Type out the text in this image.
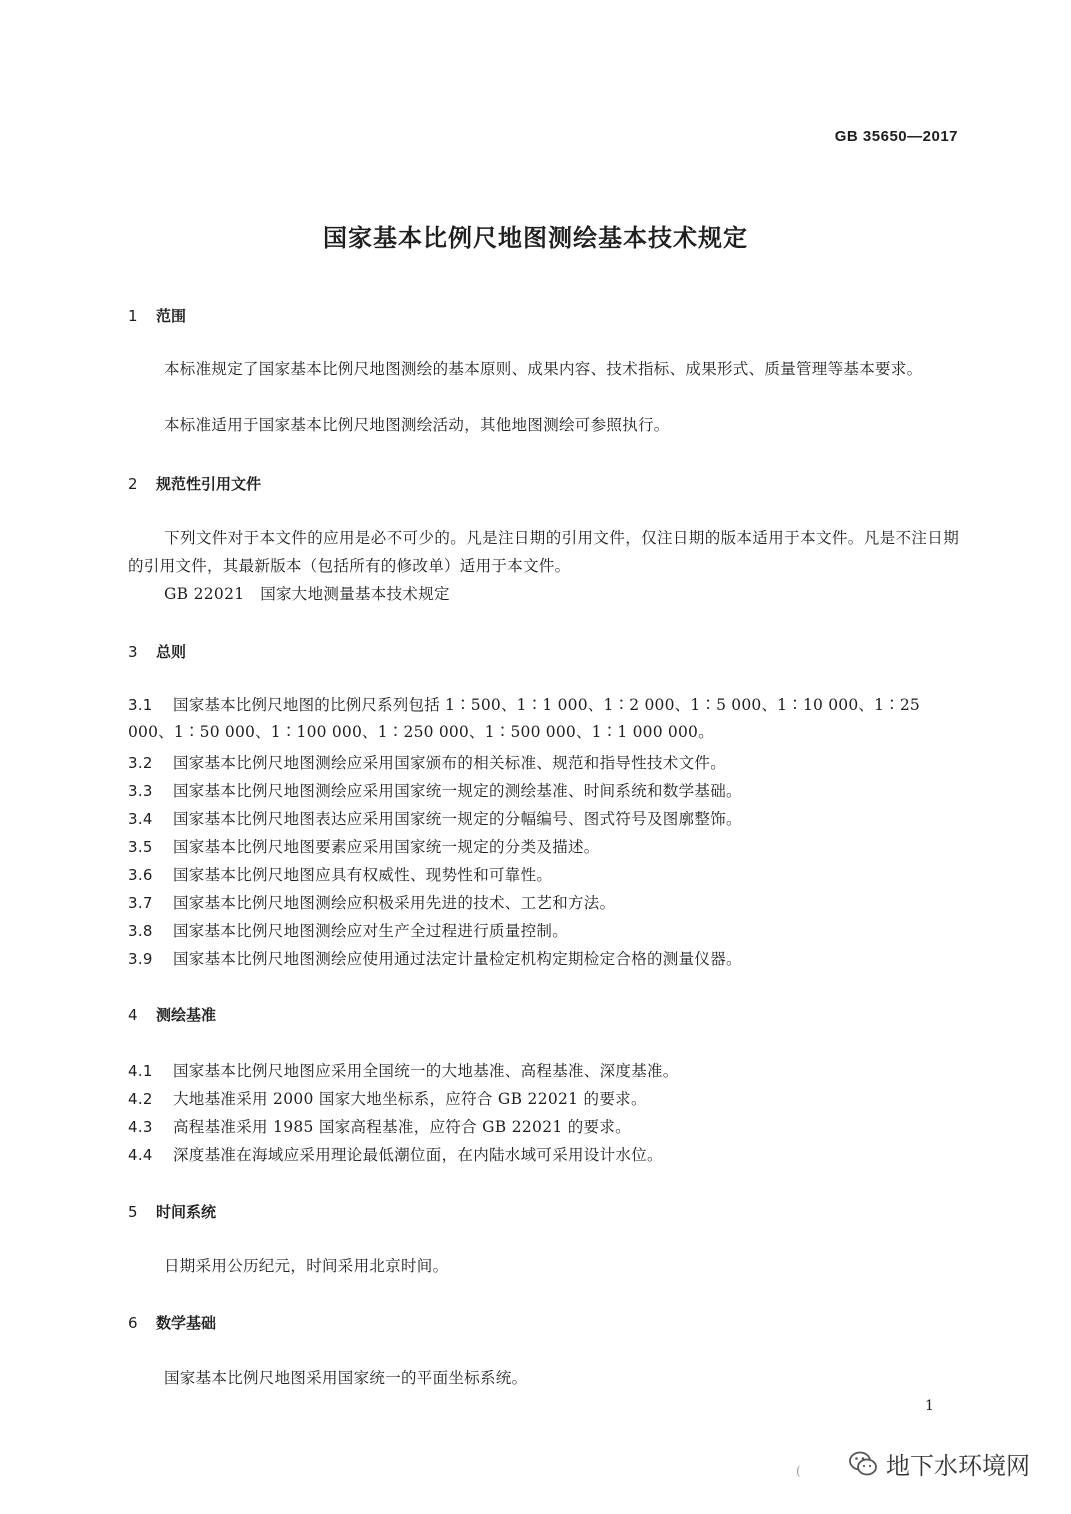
GB 35650—2017
国家基本比例尺地图测绘基本技术规定
1 范围
本标准规定了国家基本比例尺地图测绘的基本原则、成果内容、技术指标、成果形式、质量管理等基本要求。
本标准适用于国家基本比例尺地图测绘活动，其他地图测绘可参照执行。
2 规范性引用文件
下列文件对于本文件的应用是必不可少的。凡是注日期的引用文件，仅注日期的版本适用于本文件。凡是不注日期的引用文件，其最新版本（包括所有的修改单）适用于本文件。
GB 22021　国家大地测量基本技术规定
3 总则
3.1 国家基本比例尺地图的比例尺系列包括 1∶500、1∶1 000、1∶2 000、1∶5 000、1∶10 000、1∶25 000、1∶50 000、1∶100 000、1∶250 000、1∶500 000、1∶1 000 000。
3.2 国家基本比例尺地图测绘应采用国家颁布的相关标准、规范和指导性技术文件。
3.3 国家基本比例尺地图测绘应采用国家统一规定的测绘基准、时间系统和数学基础。
3.4 国家基本比例尺地图表达应采用国家统一规定的分幅编号、图式符号及图廓整饰。
3.5 国家基本比例尺地图要素应采用国家统一规定的分类及描述。
3.6 国家基本比例尺地图应具有权威性、现势性和可靠性。
3.7 国家基本比例尺地图测绘应积极采用先进的技术、工艺和方法。
3.8 国家基本比例尺地图测绘应对生产全过程进行质量控制。
3.9 国家基本比例尺地图测绘应使用通过法定计量检定机构定期检定合格的测量仪器。
4 测绘基准
4.1 国家基本比例尺地图应采用全国统一的大地基准、高程基准、深度基准。
4.2 大地基准采用 2000 国家大地坐标系，应符合 GB 22021 的要求。
4.3 高程基准采用 1985 国家高程基准，应符合 GB 22021 的要求。
4.4 深度基准在海域应采用理论最低潮位面，在内陆水域可采用设计水位。
5 时间系统
日期采用公历纪元，时间采用北京时间。
6 数学基础
国家基本比例尺地图采用国家统一的平面坐标系统。
1
(	地下水环境网
